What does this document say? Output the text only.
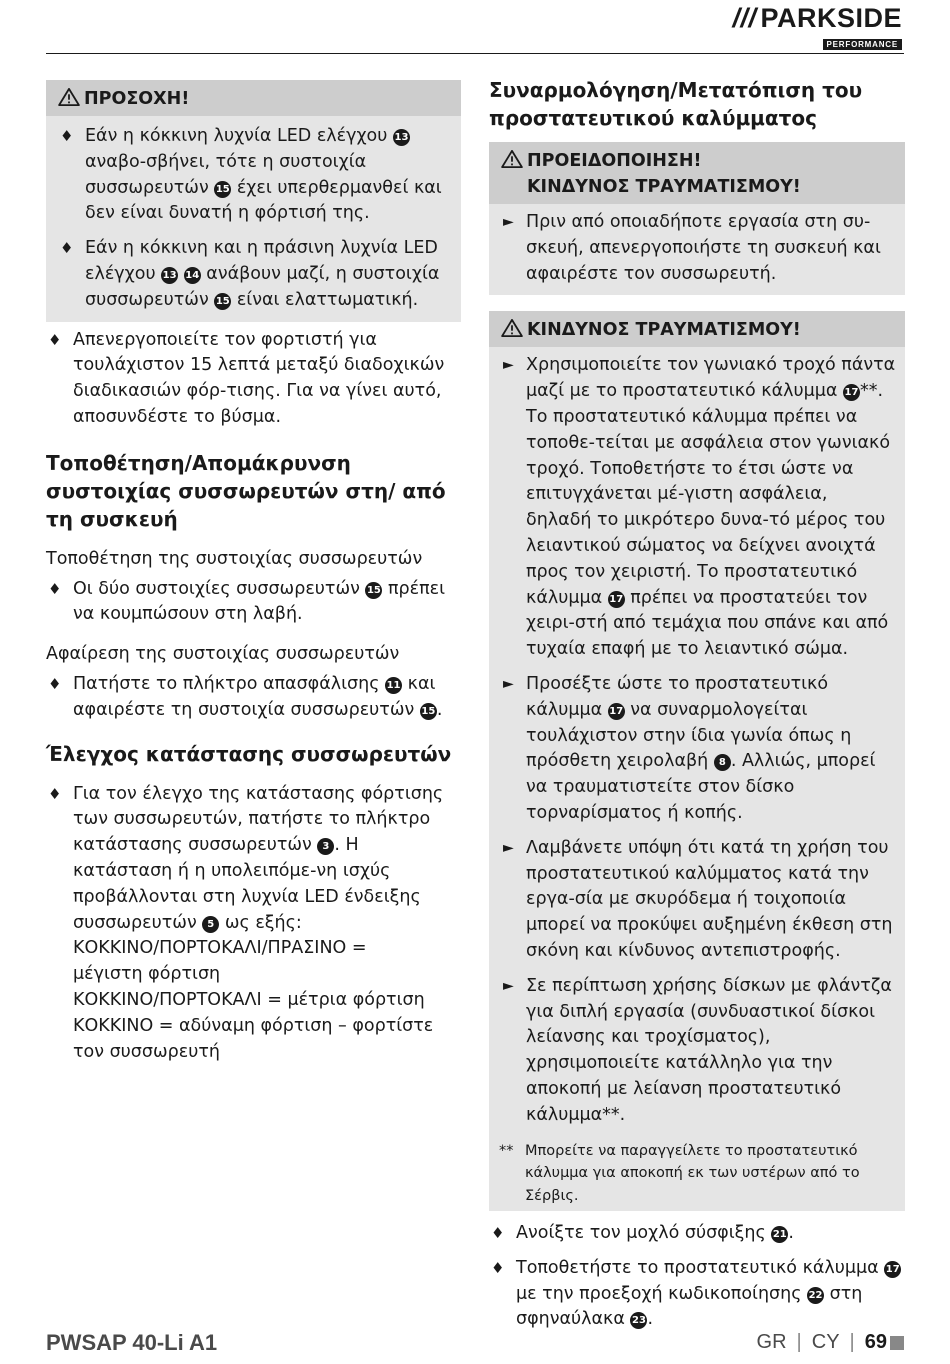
/// PARKSIDE
PERFORMANCE
ΠΡΟΣΟΧΗ!
♦ Εάν η κόκκινη λυχνία LED ελέγχου 13 αναβο-σβήνει, τότε η συστοιχία συσσωρευτών 15 έχει υπερθερμανθεί και δεν είναι δυνατή η φόρτισή της.
♦ Εάν η κόκκινη και η πράσινη λυχνία LED ελέγχου 13 14 ανάβουν μαζί, η συστοιχία συσσωρευτών 15 είναι ελαττωματική.
♦ Απενεργοποιείτε τον φορτιστή για τουλάχιστον 15 λεπτά μεταξύ διαδοχικών διαδικασιών φόρ-τισης. Για να γίνει αυτό, αποσυνδέστε το βύσμα.
Τοποθέτηση/Απομάκρυνση συστοιχίας συσσωρευτών στη/ από τη συσκευή
Τοποθέτηση της συστοιχίας συσσωρευτών
♦ Οι δύο συστοιχίες συσσωρευτών 15 πρέπει να κουμπώσουν στη λαβή.
Αφαίρεση της συστοιχίας συσσωρευτών
♦ Πατήστε το πλήκτρο απασφάλισης 11 και αφαιρέστε τη συστοιχία συσσωρευτών 15.
Έλεγχος κατάστασης συσσωρευτών
♦ Για τον έλεγχο της κατάστασης φόρτισης των συσσωρευτών, πατήστε το πλήκτρο κατάστασης συσσωρευτών 3 . Η κατάσταση ή η υπολειπόμε-νη ισχύς προβάλλονται στη λυχνία LED ένδειξης συσσωρευτών 5 ως εξής:
ΚΟΚΚΙΝΟ/ΠΟΡΤΟΚΑΛΙ/ΠΡΑΣΙΝΟ =
μέγιστη φόρτιση
ΚΟΚΚΙΝΟ/ΠΟΡΤΟΚΑΛΙ = μέτρια φόρτιση
ΚΟΚΚΙΝΟ = αδύναμη φόρτιση – φορτίστε
τον συσσωρευτή
Συναρμολόγηση/Μετατόπιση του προστατευτικού καλύμματος
ΠΡΟΕΙΔΟΠΟΙΗΣΗ!
ΚΙΝΔΥΝΟΣ ΤΡΑΥΜΑΤΙΣΜΟΥ!
► Πριν από οποιαδήποτε εργασία στη συ-σκευή, απενεργοποιήστε τη συσκευή και αφαιρέστε τον συσσωρευτή.
ΚΙΝΔΥΝΟΣ ΤΡΑΥΜΑΤΙΣΜΟΥ!
► Χρησιμοποιείτε τον γωνιακό τροχό πάντα μαζί με το προστατευτικό κάλυμμα 17**. Το προστατευτικό κάλυμμα πρέπει να τοποθε-τείται με ασφάλεια στον γωνιακό τροχό. Τοποθετήστε το έτσι ώστε να επιτυγχάνεται μέ-γιστη ασφάλεια, δηλαδή το μικρότερο δυνα-τό μέρος του λειαντικού σώματος να δείχνει ανοιχτά προς τον χειριστή. Το προστατευτικό κάλυμμα 17 πρέπει να προστατεύει τον χειρι-στή από τεμάχια που σπάνε και από τυχαία επαφή με το λειαντικό σώμα.
► Προσέξτε ώστε το προστατευτικό κάλυμμα 17 να συναρμολογείται τουλάχιστον στην ίδια γωνία όπως η πρόσθετη χειρολαβή 8 . Αλλιώς, μπορεί να τραυματιστείτε στον δίσκο τορναρίσματος ή κοπής.
► Λαμβάνετε υπόψη ότι κατά τη χρήση του προστατευτικού καλύμματος κατά την εργα-σία με σκυρόδεμα ή τοιχοποιία μπορεί να προκύψει αυξημένη έκθεση στη σκόνη και κίνδυνος αντεπιστροφής.
► Σε περίπτωση χρήσης δίσκων με φλάντζα για διπλή εργασία (συνδυαστικοί δίσκοι λείανσης και τροχίσματος), χρησιμοποιείτε κατάλληλο για την αποκοπή με λείανση προστατευτικό κάλυμμα**.
** Μπορείτε να παραγγείλετε το προστατευτικό κάλυμμα για αποκοπή εκ των υστέρων από το Σέρβις.
♦ Ανοίξτε τον μοχλό σύσφιξης 21.
♦ Τοποθετήστε το προστατευτικό κάλυμμα 17 με την προεξοχή κωδικοποίησης 22 στη σφηναύλακα 23.
PWSAP 40-Li A1	GR | CY | 69
